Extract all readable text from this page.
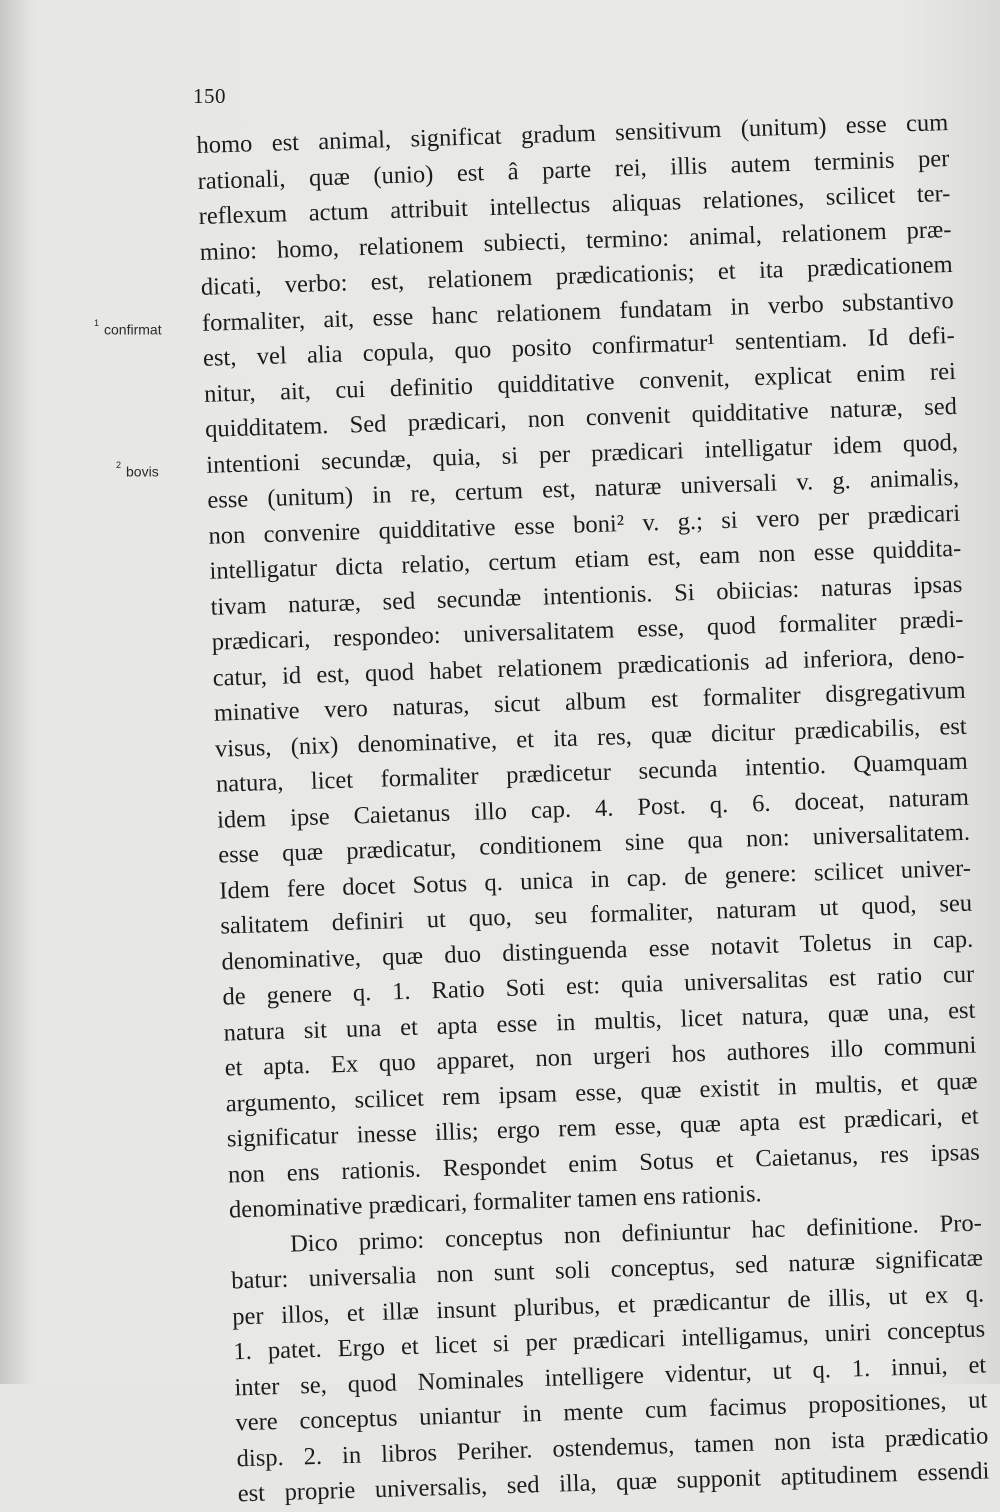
150
$^1$ confirmat
$^2$ bovis
homo est animal, significat gradum sensitivum (unitum) esse cum
rationali, quæ (unio) est â parte rei, illis autem terminis per
reflexum actum attribuit intellectus aliquas relationes, scilicet ter-
mino: homo, relationem subiecti, termino: animal, relationem præ-
dicati, verbo: est, relationem prædicationis; et ita prædicationem
formaliter, ait, esse hanc relationem fundatam in verbo substantivo
est, vel alia copula, quo posito confirmatur¹ sententiam. Id defi-
nitur, ait, cui definitio quidditative convenit, explicat enim rei
quidditatem. Sed prædicari, non convenit quidditative naturæ, sed
intentioni secundæ, quia, si per prædicari intelligatur idem quod,
esse (unitum) in re, certum est, naturæ universali v. g. animalis,
non convenire quidditative esse boni² v. g.; si vero per prædicari
intelligatur dicta relatio, certum etiam est, eam non esse quiddita-
tivam naturæ, sed secundæ intentionis. Si obiicias: naturas ipsas
prædicari, respondeo: universalitatem esse, quod formaliter prædi-
catur, id est, quod habet relationem prædicationis ad inferiora, deno-
minative vero naturas, sicut album est formaliter disgregativum
visus, (nix) denominative, et ita res, quæ dicitur prædicabilis, est
natura, licet formaliter prædicetur secunda intentio. Quamquam
idem ipse Caietanus illo cap. 4. Post. q. 6. doceat, naturam
esse quæ prædicatur, conditionem sine qua non: universalitatem.
Idem fere docet Sotus q. unica in cap. de genere: scilicet univer-
salitatem definiri ut quo, seu formaliter, naturam ut quod, seu
denominative, quæ duo distinguenda esse notavit Toletus in cap.
de genere q. 1. Ratio Soti est: quia universalitas est ratio cur
natura sit una et apta esse in multis, licet natura, quæ una, est
et apta. Ex quo apparet, non urgeri hos authores illo communi
argumento, scilicet rem ipsam esse, quæ existit in multis, et quæ
significatur inesse illis; ergo rem esse, quæ apta est prædicari, et
non ens rationis. Respondet enim Sotus et Caietanus, res ipsas
denominative prædicari, formaliter tamen ens rationis.
Dico primo: conceptus non definiuntur hac definitione. Pro-
batur: universalia non sunt soli conceptus, sed naturæ significatæ
per illos, et illæ insunt pluribus, et prædicantur de illis, ut ex q.
1. patet. Ergo et licet si per prædicari intelligamus, uniri conceptus
inter se, quod Nominales intelligere videntur, ut q. 1. innui, et
vere conceptus uniantur in mente cum facimus propositiones, ut
disp. 2. in libros Periher. ostendemus, tamen non ista prædicatio
est proprie universalis, sed illa, quæ supponit aptitudinem essendi
